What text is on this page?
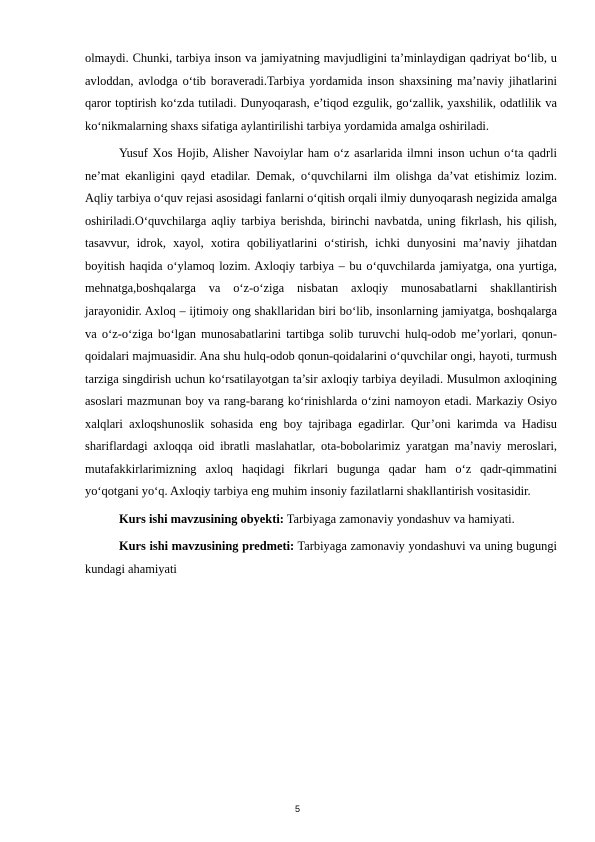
olmaydi. Chunki, tarbiya inson va jamiyatning mavjudligini ta’minlaydigan qadriyat bo‘lib, u avloddan, avlodga o‘tib boraveradi.Tarbiya yordamida inson shaxsining ma’naviy jihatlarini qaror toptirish ko‘zda tutiladi. Dunyoqarash, e’tiqod ezgulik, go‘zallik, yaxshilik, odatlilik va ko‘nikmalarning shaxs sifatiga aylantirilishi tarbiya yordamida amalga oshiriladi.

Yusuf Xos Hojib, Alisher Navoiylar ham o‘z asarlarida ilmni inson uchun o‘ta qadrli ne’mat ekanligini qayd etadilar. Demak, o‘quvchilarni ilm olishga da’vat etishimiz lozim. Aqliy tarbiya o‘quv rejasi asosidagi fanlarni o‘qitish orqali ilmiy dunyoqarash negizida amalga oshiriladi.O‘quvchilarga aqliy tarbiya berishda, birinchi navbatda, uning fikrlash, his qilish, tasavvur, idrok, xayol, xotira qobiliyatlarini o‘stirish, ichki dunyosini ma’naviy jihatdan boyitish haqida o‘ylamoq lozim. Axloqiy tarbiya – bu o‘quvchilarda jamiyatga, ona yurtiga, mehnatga,boshqalarga va o‘z-o‘ziga nisbatan axloqiy munosabatlarni shakllantirish jarayonidir. Axloq – ijtimoiy ong shakllaridan biri bo‘lib, insonlarning jamiyatga, boshqalarga va o‘z-o‘ziga bo‘lgan munosabatlarini tartibga solib turuvchi hulq-odob me’yorlari, qonun-qoidalari majmuasidir. Ana shu hulq-odob qonun-qoidalarini o‘quvchilar ongi, hayoti, turmush tarziga singdirish uchun ko‘rsatilayotgan ta’sir axloqiy tarbiya deyiladi. Musulmon axloqining asoslari mazmunan boy va rang-barang ko‘rinishlarda o‘zini namoyon etadi. Markaziy Osiyo xalqlari axloqshunoslik sohasida eng boy tajribaga egadirlar. Qur’oni karimda va Hadisu shariflardagi axloqqa oid ibratli maslahatlar, ota-bobolarimiz yaratgan ma’naviy meroslari, mutafakkirlarimizning axloq haqidagi fikrlari bugunga qadar ham o‘z qadr-qimmatini yo‘qotgani yo‘q. Axloqiy tarbiya eng muhim insoniy fazilatlarni shakllantirish vositasidir.

Kurs ishi mavzusining obyekti: Tarbiyaga zamonaviy yondashuv va hamiyati.

Kurs ishi mavzusining predmeti: Tarbiyaga zamonaviy yondashuvi va uning bugungi kundagi ahamiyati

5
